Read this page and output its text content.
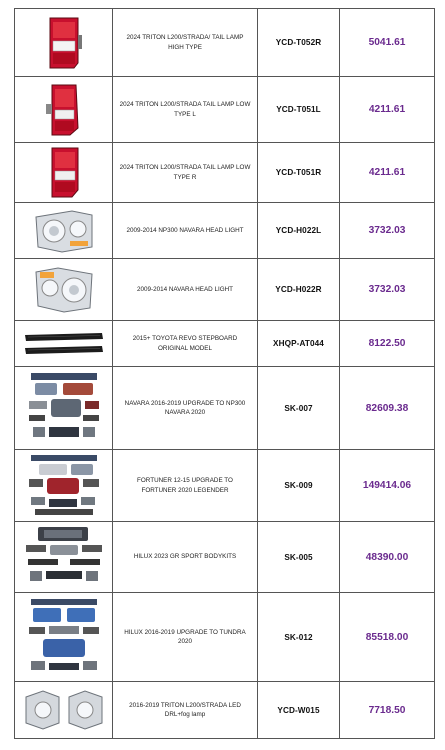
	2024 TRITON L200/STRADA/ TAIL LAMP HIGH TYPE	YCD-T052R	5041.61

	2024 TRITON L200/STRADA TAIL LAMP LOW TYPE L	YCD-T051L	4211.61

	2024 TRITON L200/STRADA TAIL LAMP LOW TYPE R	YCD-T051R	4211.61

	2009-2014 NP300 NAVARA HEAD LIGHT	YCD-H022L	3732.03

	2009-2014 NAVARA HEAD LIGHT	YCD-H022R	3732.03

	2015+ TOYOTA REVO STEPBOARD ORIGINAL MODEL	XHQP-AT044	8122.50

	NAVARA 2016-2019 UPGRADE TO NP300 NAVARA 2020	SK-007	82609.38

	FORTUNER 12-15 UPGRADE TO FORTUNER 2020 LEGENDER	SK-009	149414.06

	HILUX 2023 GR SPORT BODYKITS	SK-005	48390.00

	HILUX 2016-2019 UPGRADE TO TUNDRA 2020	SK-012	85518.00

	2016-2019 TRITON L200/STRADA LED DRL+fog lamp	YCD-W015	7718.50
